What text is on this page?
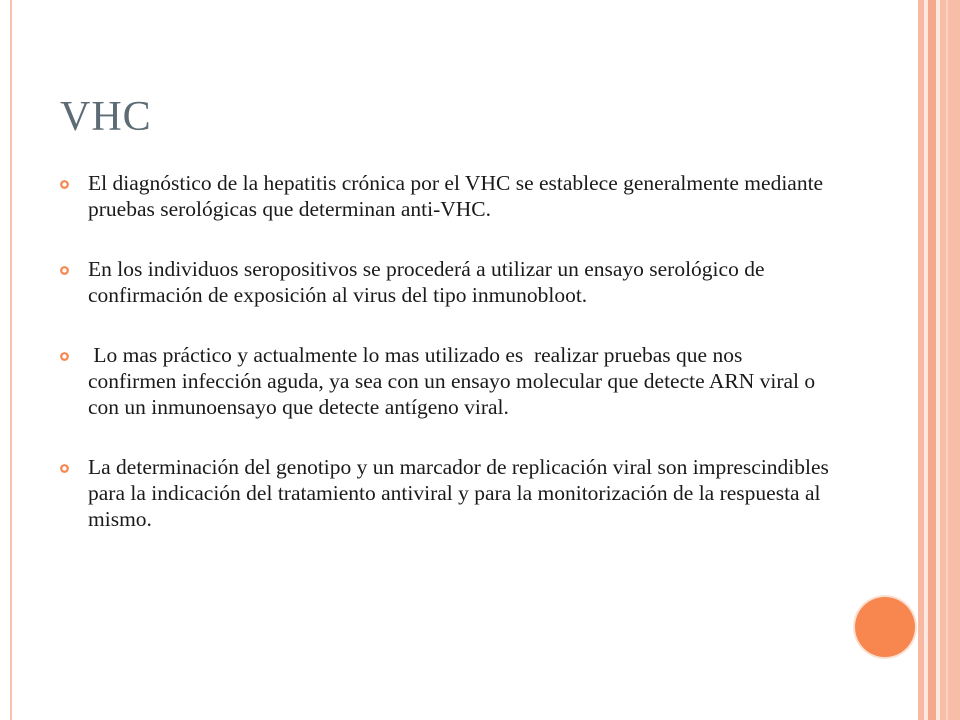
VHC
El diagnóstico de la hepatitis crónica por el VHC se establece generalmente mediante pruebas serológicas que determinan anti-VHC.
En los individuos seropositivos se procederá a utilizar un ensayo serológico de confirmación de exposición al virus del tipo inmunobloot.
Lo mas práctico y actualmente lo mas utilizado es  realizar pruebas que nos confirmen infección aguda, ya sea con un ensayo molecular que detecte ARN viral o con un inmunoensayo que detecte antígeno viral.
La determinación del genotipo y un marcador de replicación viral son imprescindibles para la indicación del tratamiento antiviral y para la monitorización de la respuesta al mismo.
